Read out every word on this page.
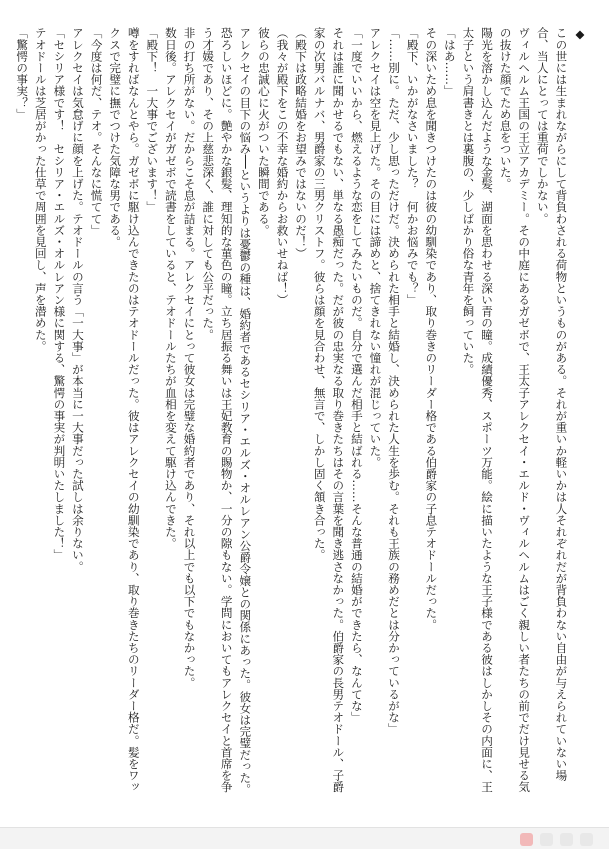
◆
この世には生まれながらにして背負わされる荷物というものがある。それが重いか軽いかは人それぞれだが背負わない自由が与えられていない場合、当人にとっては重荷でしかない。
ヴィルヘルム王国の王立アカデミー。その中庭にあるガゼボで、王太子アレクセイ・エルド・ヴィルヘルムはごく親しい者たちの前でだけ見せる気の抜けた顔でため息をついた。
陽光を溶かし込んだような金髪、湖面を思わせる深い青の瞳。成績優秀、スポーツ万能。絵に描いたような王子様である彼はしかしその内面に、王太子という肩書きとは裏腹の、少しばかり俗な青年を飼っていた。
「はあ……」
その深いため息を聞きつけたのは彼の幼馴染であり、取り巻きのリーダー格である伯爵家の子息テオドールだった。
「殿下、いかがなさいました？　何かお悩みでも？」
「……別に。ただ、少し思っただけだ。決められた相手と結婚し、決められた人生を歩む。それも王族の務めだとは分かっているがな」
アレクセイは空を見上げた。その目には諦めと、捨てきれない憧れが混じっていた。
「一度でいいから、燃えるような恋をしてみたいものだ。自分で選んだ相手と結ばれる……そんな普通の結婚ができたら、なんてな」
それは誰に聞かせるでもない、単なる愚痴だった。だが彼の忠実なる取り巻きたちはその言葉を聞き逃さなかった。伯爵家の長男テオドール、子爵家の次男バルナバ、男爵家の三男クリストフ。彼らは顔を見合わせ、無言で、しかし固く頷き合った。
（殿下は政略結婚をお望みではないのだ！）
（我々が殿下をこの不幸な婚約からお救いせねば！）
彼らの忠誠心に火がついた瞬間である。
アレクセイの目下の悩み──というよりは憂鬱の種は、婚約者であるセシリア・エルズ・オルレアン公爵令嬢との関係にあった。彼女は完璧だった。恐ろしいほどに。艶やかな銀髪、理知的な菫色の瞳。立ち居振る舞いは王妃教育の賜物か、一分の隙もない。学問においてもアレクセイと首席を争う才媛であり、その上慈悲深く、誰に対しても公平だった。
非の打ち所がない。だからこそ息が詰まる。アレクセイにとって彼女は完璧な婚約者であり、それ以上でも以下でもなかった。
数日後。アレクセイがガゼボで読書をしていると、テオドールたちが血相を変えて駆け込んできた。
「殿下！　一大事でございます！」
噂をすればなんとやら。ガゼボに駆け込んできたのはテオドールだった。彼はアレクセイの幼馴染であり、取り巻きたちのリーダー格だ。髪をワックスで完璧に撫でつけた気障な男である。
「今度は何だ、テオ。そんなに慌てて」
アレクセイは気怠げに顔を上げた。テオドールの言う「一大事」が本当に一大事だった試しは余りない。
「セシリア様です！　セシリア・エルズ・オルレアン様に関する、驚愕の事実が判明いたしました！」
テオドールは芝居がかった仕草で周囲を見回し、声を潜めた。
「驚愕の事実？」
